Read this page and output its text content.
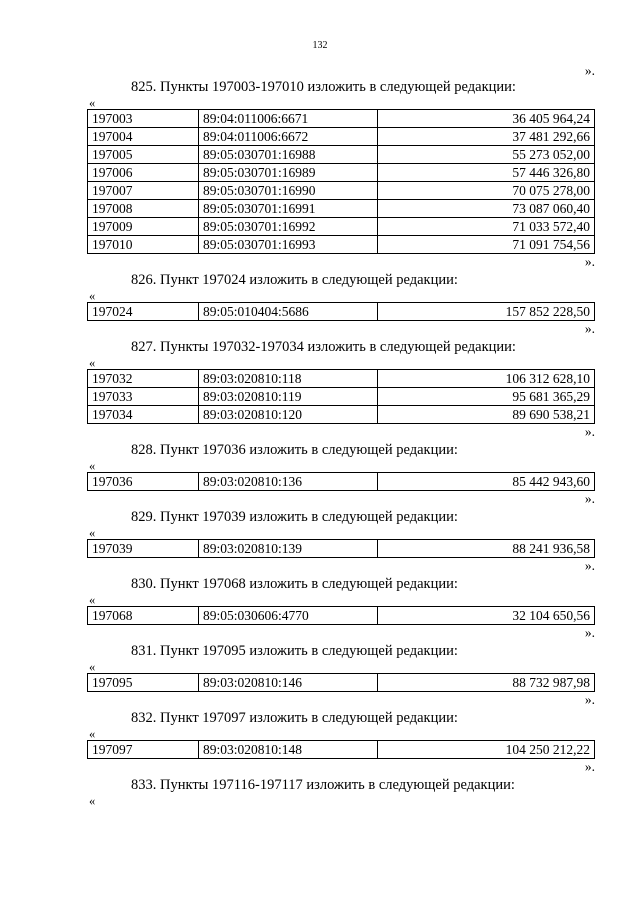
132
».
825. Пункты 197003-197010 изложить в следующей редакции:
«
197003	89:04:011006:6671	36 405 964,24
197004	89:04:011006:6672	37 481 292,66
197005	89:05:030701:16988	55 273 052,00
197006	89:05:030701:16989	57 446 326,80
197007	89:05:030701:16990	70 075 278,00
197008	89:05:030701:16991	73 087 060,40
197009	89:05:030701:16992	71 033 572,40
197010	89:05:030701:16993	71 091 754,56
».
826. Пункт 197024 изложить в следующей редакции:
«
197024	89:05:010404:5686	157 852 228,50
».
827. Пункты 197032-197034 изложить в следующей редакции:
«
197032	89:03:020810:118	106 312 628,10
197033	89:03:020810:119	95 681 365,29
197034	89:03:020810:120	89 690 538,21
».
828. Пункт 197036 изложить в следующей редакции:
«
197036	89:03:020810:136	85 442 943,60
».
829. Пункт 197039 изложить в следующей редакции:
«
197039	89:03:020810:139	88 241 936,58
».
830. Пункт 197068 изложить в следующей редакции:
«
197068	89:05:030606:4770	32 104 650,56
».
831. Пункт 197095 изложить в следующей редакции:
«
197095	89:03:020810:146	88 732 987,98
».
832. Пункт 197097 изложить в следующей редакции:
«
197097	89:03:020810:148	104 250 212,22
».
833. Пункты 197116-197117 изложить в следующей редакции:
«
